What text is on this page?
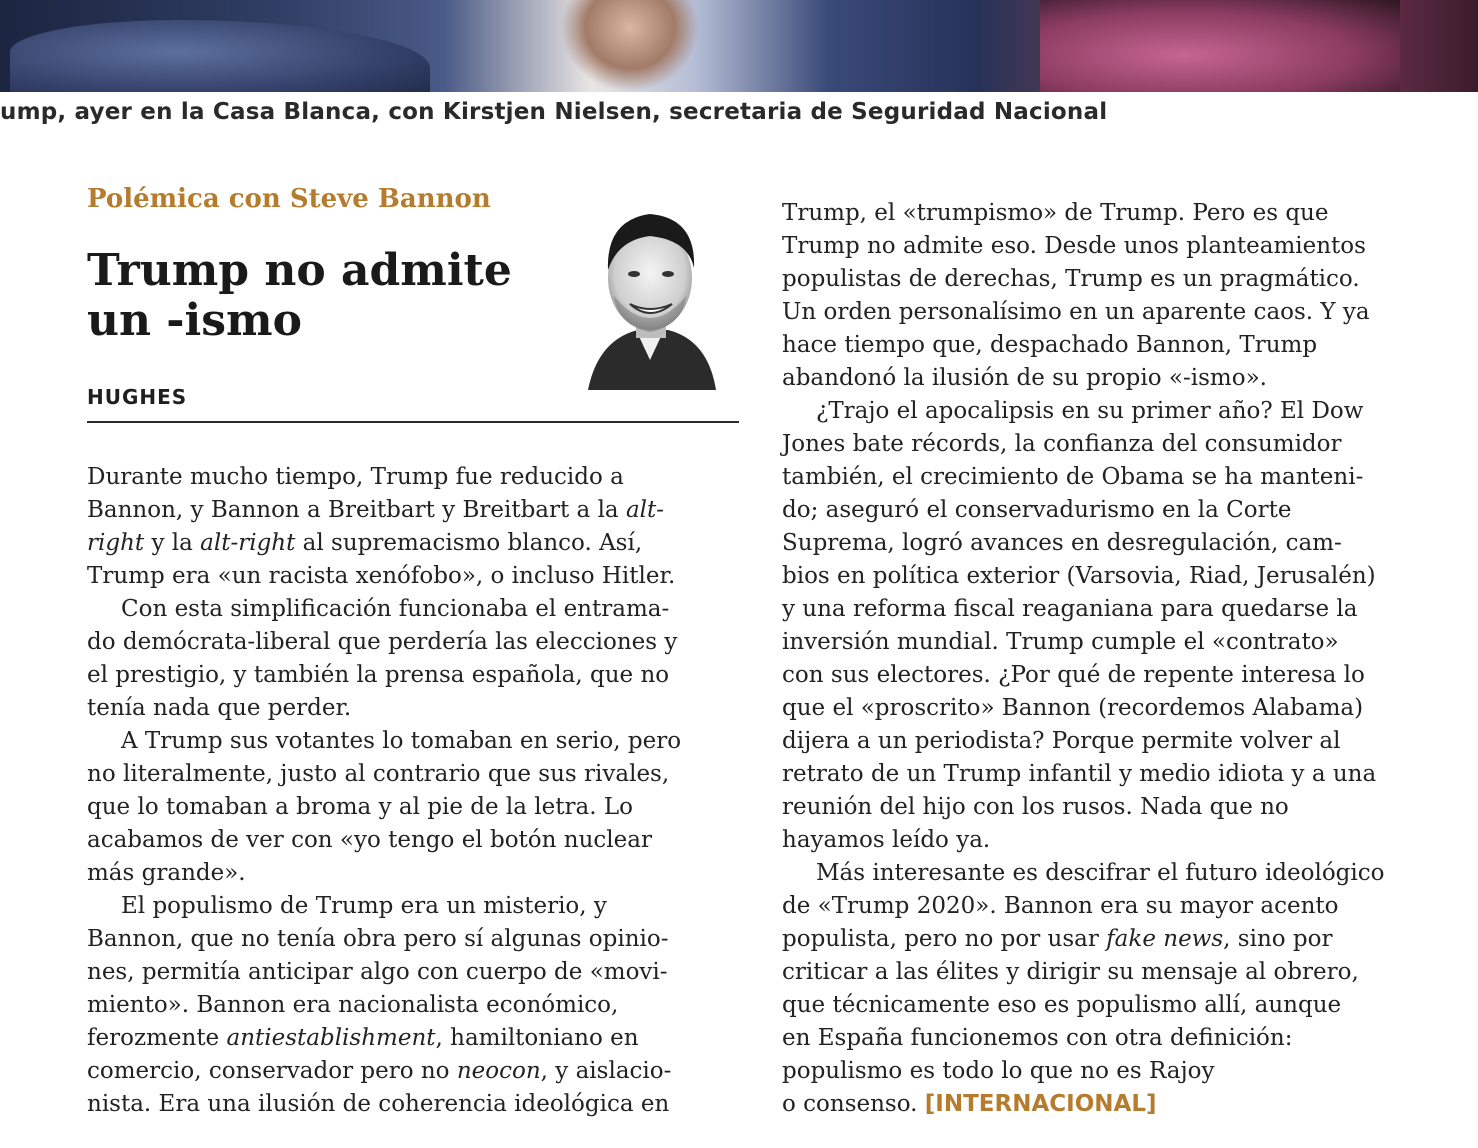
ump, ayer en la Casa Blanca, con Kirstjen Nielsen, secretaria de Seguridad Nacional
Polémica con Steve Bannon
Trump no admite
un -ismo
HUGHES
Durante mucho tiempo, Trump fue reducido a
Bannon, y Bannon a Breitbart y Breitbart a la alt-
right y la alt-right al supremacismo blanco. Así,
Trump era «un racista xenófobo», o incluso Hitler.
Con esta simplificación funcionaba el entrama-
do demócrata-liberal que perdería las elecciones y
el prestigio, y también la prensa española, que no
tenía nada que perder.
A Trump sus votantes lo tomaban en serio, pero
no literalmente, justo al contrario que sus rivales,
que lo tomaban a broma y al pie de la letra. Lo
acabamos de ver con «yo tengo el botón nuclear
más grande».
El populismo de Trump era un misterio, y
Bannon, que no tenía obra pero sí algunas opinio-
nes, permitía anticipar algo con cuerpo de «movi-
miento». Bannon era nacionalista económico,
ferozmente antiestablishment, hamiltoniano en
comercio, conservador pero no neocon, y aislacio-
nista. Era una ilusión de coherencia ideológica en
Trump, el «trumpismo» de Trump. Pero es que
Trump no admite eso. Desde unos planteamientos
populistas de derechas, Trump es un pragmático.
Un orden personalísimo en un aparente caos. Y ya
hace tiempo que, despachado Bannon, Trump
abandonó la ilusión de su propio «-ismo».
¿Trajo el apocalipsis en su primer año? El Dow
Jones bate récords, la confianza del consumidor
también, el crecimiento de Obama se ha manteni-
do; aseguró el conservadurismo en la Corte
Suprema, logró avances en desregulación, cam-
bios en política exterior (Varsovia, Riad, Jerusalén)
y una reforma fiscal reaganiana para quedarse la
inversión mundial. Trump cumple el «contrato»
con sus electores. ¿Por qué de repente interesa lo
que el «proscrito» Bannon (recordemos Alabama)
dijera a un periodista? Porque permite volver al
retrato de un Trump infantil y medio idiota y a una
reunión del hijo con los rusos. Nada que no
hayamos leído ya.
Más interesante es descifrar el futuro ideológico
de «Trump 2020». Bannon era su mayor acento
populista, pero no por usar fake news, sino por
criticar a las élites y dirigir su mensaje al obrero,
que técnicamente eso es populismo allí, aunque
en España funcionemos con otra definición:
populismo es todo lo que no es Rajoy
o consenso. [INTERNACIONAL]
